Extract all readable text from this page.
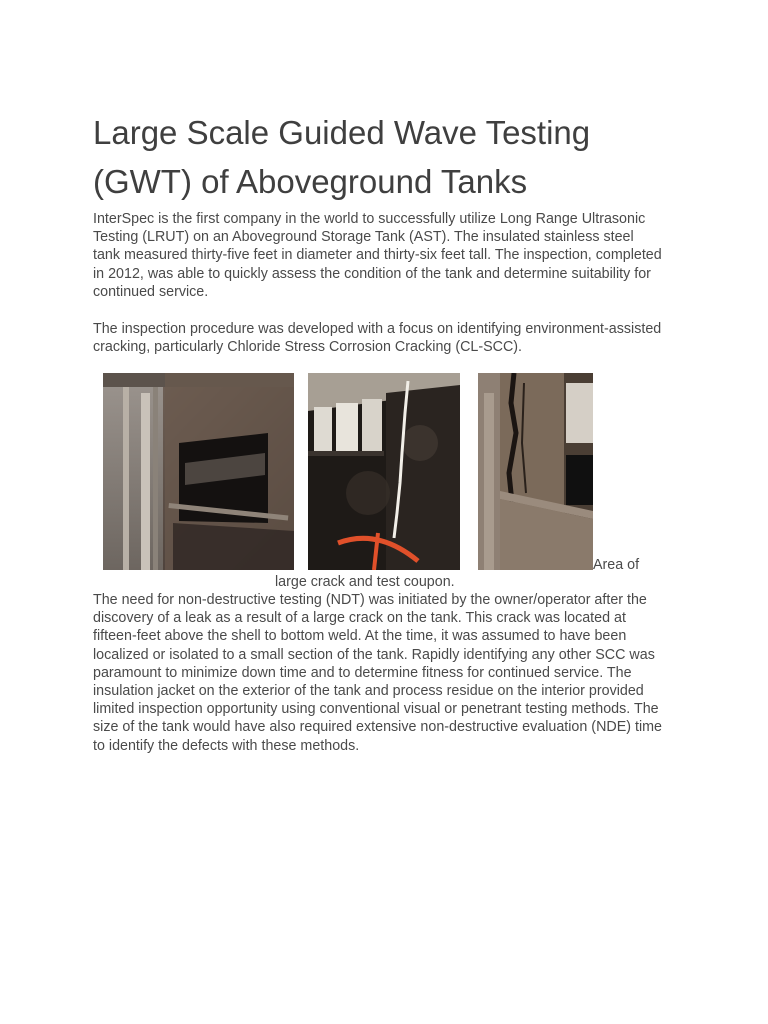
Large Scale Guided Wave Testing (GWT) of Aboveground Tanks

InterSpec is the first company in the world to successfully utilize Long Range Ultrasonic Testing (LRUT) on an Aboveground Storage Tank (AST). The insulated stainless steel tank measured thirty-five feet in diameter and thirty-six feet tall. The inspection, completed in 2012, was able to quickly assess the condition of the tank and determine suitability for continued service.

The inspection procedure was developed with a focus on identifying environment-assisted cracking, particularly Chloride Stress Corrosion Cracking (CL-SCC).

Area of
large crack and test coupon.

The need for non-destructive testing (NDT) was initiated by the owner/operator after the discovery of a leak as a result of a large crack on the tank. This crack was located at fifteen-feet above the shell to bottom weld. At the time, it was assumed to have been localized or isolated to a small section of the tank. Rapidly identifying any other SCC was paramount to minimize down time and to determine fitness for continued service. The insulation jacket on the exterior of the tank and process residue on the interior provided limited inspection opportunity using conventional visual or penetrant testing methods. The size of the tank would have also required extensive non-destructive evaluation (NDE) time to identify the defects with these methods.
